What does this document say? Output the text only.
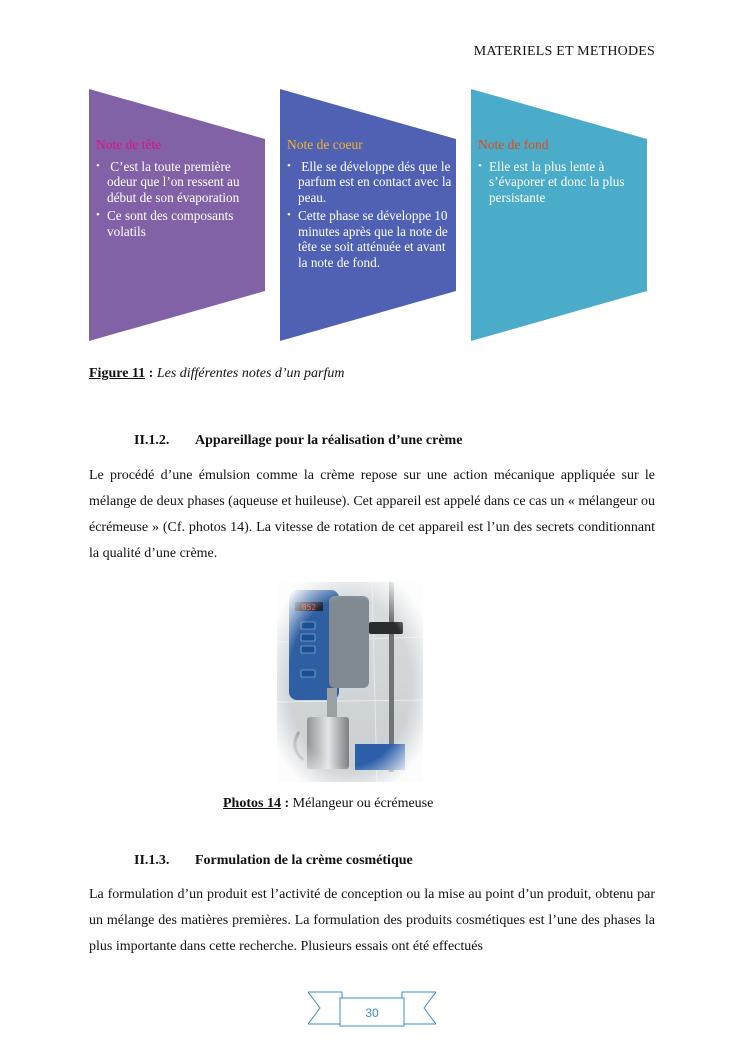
MATERIELS ET METHODES
Note de tête
•  C’est la toute première odeur que l’on ressent au début de son évaporation
• Ce sont des composants volatils
Note de coeur
•  Elle se développe dés que le parfum est en contact avec la peau.
• Cette phase se développe 10 minutes après que la note de tête se soit atténuée et avant la note de fond.
Note de fond
• Elle est la plus lente à s’évaporer et donc la plus persistante
Figure 11 : Les différentes notes d’un parfum
II.1.2. Appareillage pour la réalisation d’une crème
Le procédé d’une émulsion comme la crème repose sur une action mécanique appliquée sur le mélange de deux phases (aqueuse et huileuse). Cet appareil est appelé dans ce cas un « mélangeur ou écrémeuse » (Cf. photos 14). La vitesse de rotation de cet appareil est l’un des secrets conditionnant la qualité d’une crème.
Photos 14 : Mélangeur ou écrémeuse
II.1.3. Formulation de la crème cosmétique
La formulation d’un produit est l’activité de conception ou la mise au point d’un produit, obtenu par un mélange des matières premières. La formulation des produits cosmétiques est l’une des phases la plus importante dans cette recherche. Plusieurs essais ont été effectués
30
